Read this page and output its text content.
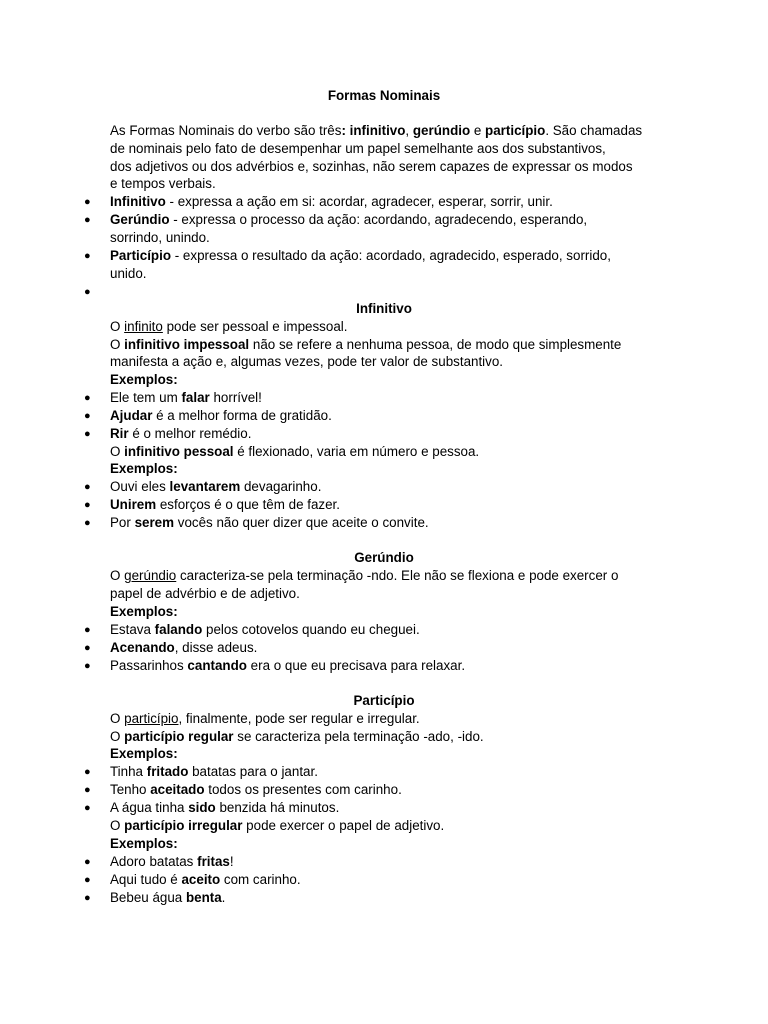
Formas Nominais
As Formas Nominais do verbo são três: infinitivo, gerúndio e particípio. São chamadas
de nominais pelo fato de desempenhar um papel semelhante aos dos substantivos,
dos adjetivos ou dos advérbios e, sozinhas, não serem capazes de expressar os modos
e tempos verbais.
● Infinitivo - expressa a ação em si: acordar, agradecer, esperar, sorrir, unir.
● Gerúndio - expressa o processo da ação: acordando, agradecendo, esperando,
sorrindo, unindo.
● Particípio - expressa o resultado da ação: acordado, agradecido, esperado, sorrido,
unido.
●
Infinitivo
O infinito pode ser pessoal e impessoal.
O infinitivo impessoal não se refere a nenhuma pessoa, de modo que simplesmente
manifesta a ação e, algumas vezes, pode ter valor de substantivo.
Exemplos:
● Ele tem um falar horrível!
● Ajudar é a melhor forma de gratidão.
● Rir é o melhor remédio.
O infinitivo pessoal é flexionado, varia em número e pessoa.
Exemplos:
● Ouvi eles levantarem devagarinho.
● Unirem esforços é o que têm de fazer.
● Por serem vocês não quer dizer que aceite o convite.
Gerúndio
O gerúndio caracteriza-se pela terminação -ndo. Ele não se flexiona e pode exercer o
papel de advérbio e de adjetivo.
Exemplos:
● Estava falando pelos cotovelos quando eu cheguei.
● Acenando, disse adeus.
● Passarinhos cantando era o que eu precisava para relaxar.
Particípio
O particípio, finalmente, pode ser regular e irregular.
O particípio regular se caracteriza pela terminação -ado, -ido.
Exemplos:
● Tinha fritado batatas para o jantar.
● Tenho aceitado todos os presentes com carinho.
● A água tinha sido benzida há minutos.
O particípio irregular pode exercer o papel de adjetivo.
Exemplos:
● Adoro batatas fritas!
● Aqui tudo é aceito com carinho.
● Bebeu água benta.
